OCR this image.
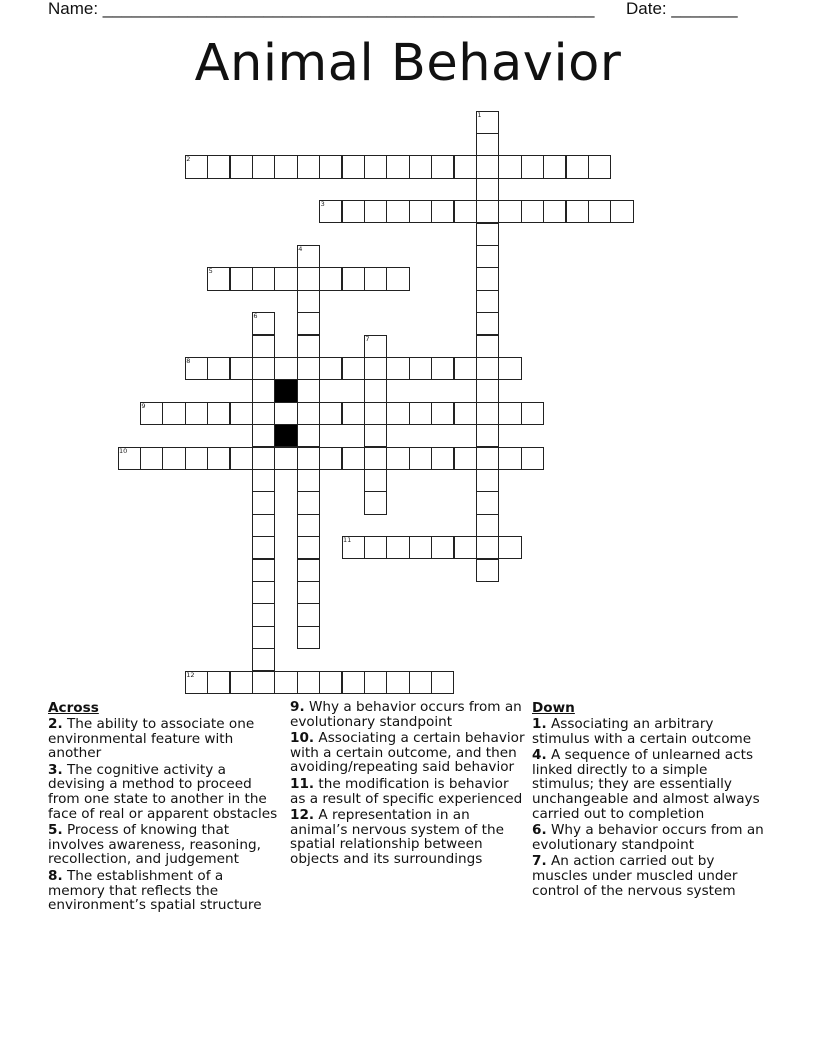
Name: ____________________________________________________ Date: _______
Animal Behavior
1
2
3
4
5
6
7
8
9
10
11
12
Across
2. The ability to associate one environmental feature with another
3. The cognitive activity a devising a method to proceed from one state to another in the face of real or apparent obstacles
5. Process of knowing that involves awareness, reasoning, recollection, and judgement
8. The establishment of a memory that reflects the environment’s spatial structure
9. Why a behavior occurs from an evolutionary standpoint
10. Associating a certain behavior with a certain outcome, and then avoiding/repeating said behavior
11. the modification is behavior as a result of specific experienced
12. A representation in an animal’s nervous system of the spatial relationship between objects and its surroundings
Down
1. Associating an arbitrary stimulus with a certain outcome
4. A sequence of unlearned acts linked directly to a simple stimulus; they are essentially unchangeable and almost always carried out to completion
6. Why a behavior occurs from an evolutionary standpoint
7. An action carried out by muscles under muscled under control of the nervous system
